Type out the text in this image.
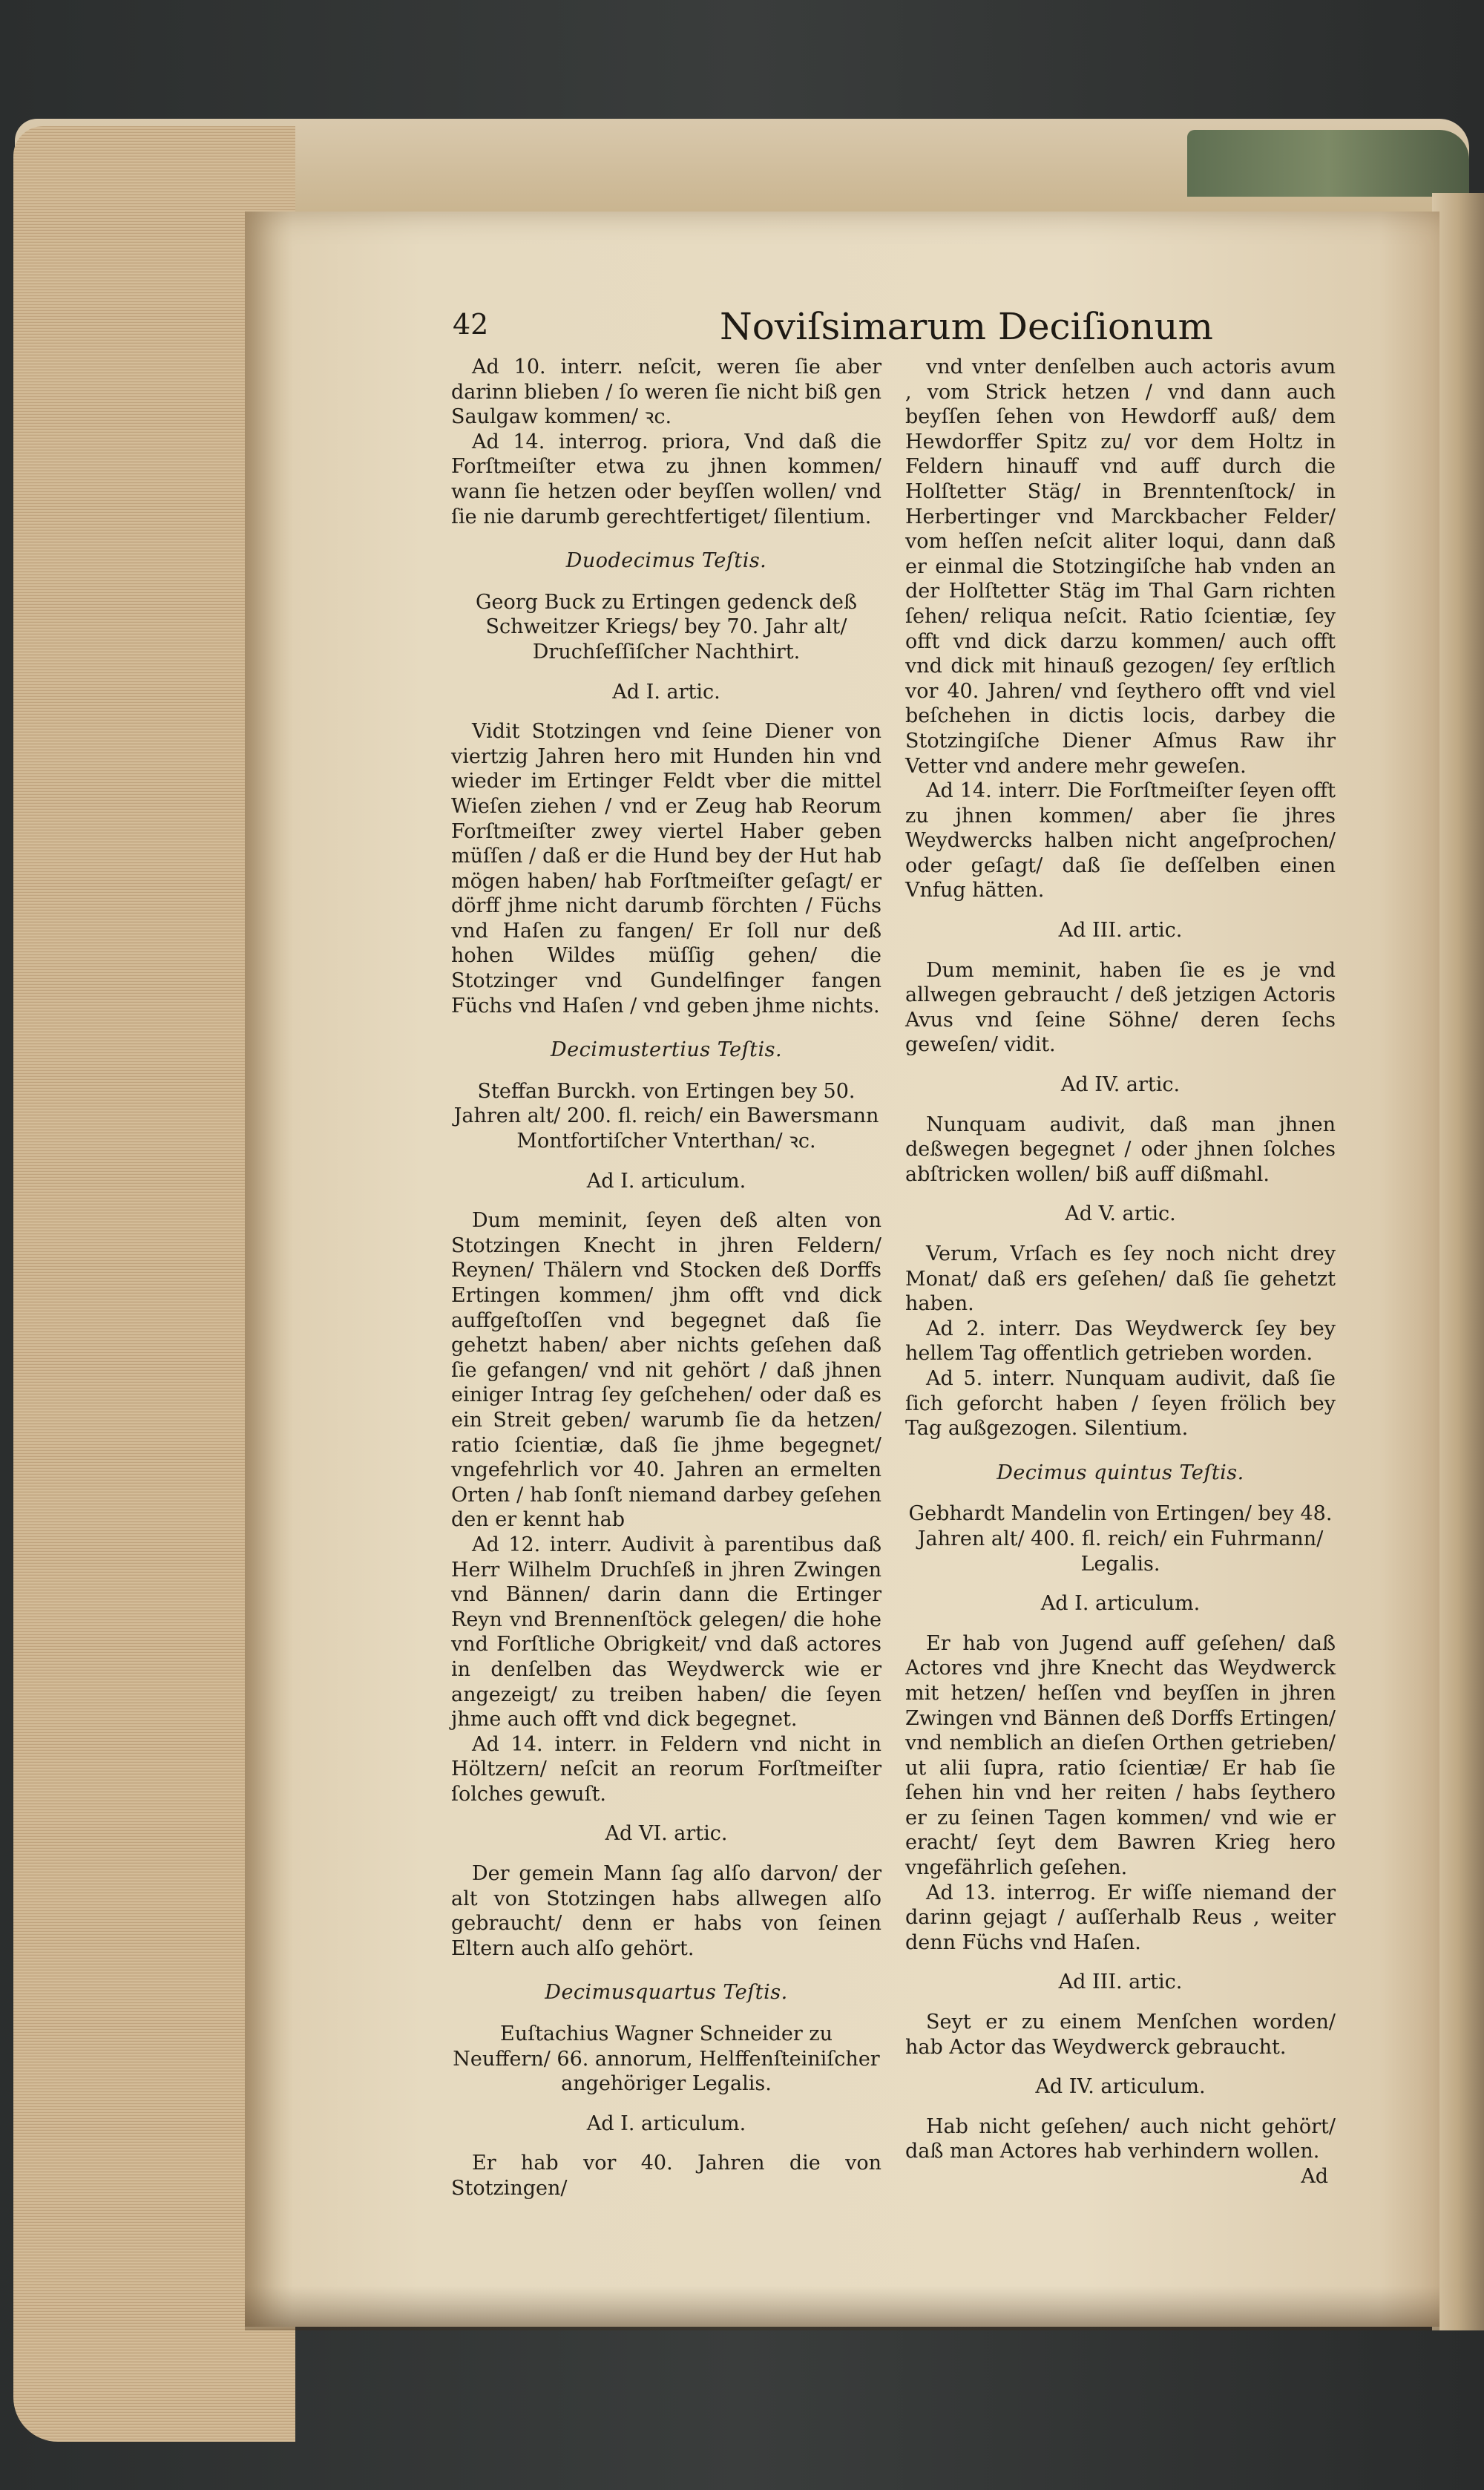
42	Noviſsimarum Deciſionum
Ad 10. interr. neſcit, weren ſie aber darinn blieben / ſo weren ſie nicht biß gen Saulgaw kommen/ ꝛc.
Ad 14. interrog. priora, Vnd daß die Forſtmeiſter etwa zu jhnen kommen/ wann ſie hetzen oder beyſſen wollen/ vnd ſie nie darumb gerechtfertiget/ ſilentium.
Duodecimus Teſtis.
Georg Buck zu Ertingen gedenck deß Schweitzer Kriegs/ bey 70. Jahr alt/ Druchſeſſiſcher Nachthirt.
Ad I. artic.
Vidit Stotzingen vnd ſeine Diener von viertzig Jahren hero mit Hunden hin vnd wieder im Ertinger Feldt vber die mittel Wieſen ziehen / vnd er Zeug hab Reorum Forſtmeiſter zwey viertel Haber geben müſſen / daß er die Hund bey der Hut hab mögen haben/ hab Forſtmeiſter geſagt/ er dörff jhme nicht darumb förchten / Füchs vnd Haſen zu fangen/ Er ſoll nur deß hohen Wildes müſſig gehen/ die Stotzinger vnd Gundelfinger fangen Füchs vnd Haſen / vnd geben jhme nichts.
Decimustertius Teſtis.
Steffan Burckh. von Ertingen bey 50. Jahren alt/ 200. fl. reich/ ein Bawersmann Montfortiſcher Vnterthan/ ꝛc.
Ad I. articulum.
Dum meminit, ſeyen deß alten von Stotzingen Knecht in jhren Feldern/ Reynen/ Thälern vnd Stocken deß Dorffs Ertingen kommen/ jhm offt vnd dick auffgeſtoſſen vnd begegnet daß ſie gehetzt haben/ aber nichts geſehen daß ſie gefangen/ vnd nit gehört / daß jhnen einiger Intrag ſey geſchehen/ oder daß es ein Streit geben/ warumb ſie da hetzen/ ratio ſcientiæ, daß ſie jhme begegnet/ vngefehrlich vor 40. Jahren an ermelten Orten / hab ſonſt niemand darbey geſehen den er kennt hab
Ad 12. interr. Audivit à parentibus daß Herr Wilhelm Druchſeß in jhren Zwingen vnd Bännen/ darin dann die Ertinger Reyn vnd Brennenſtöck gelegen/ die hohe vnd Forſtliche Obrigkeit/ vnd daß actores in denſelben das Weydwerck wie er angezeigt/ zu treiben haben/ die ſeyen jhme auch offt vnd dick begegnet.
Ad 14. interr. in Feldern vnd nicht in Höltzern/ neſcit an reorum Forſtmeiſter ſolches gewuſt.
Ad VI. artic.
Der gemein Mann ſag alſo darvon/ der alt von Stotzingen habs allwegen alſo gebraucht/ denn er habs von ſeinen Eltern auch alſo gehört.
Decimusquartus Teſtis.
Euſtachius Wagner Schneider zu Neuffern/ 66. annorum, Helffenſteiniſcher angehöriger Legalis.
Ad I. articulum.
Er hab vor 40. Jahren die von Stotzingen/
vnd vnter denſelben auch actoris avum , vom Strick hetzen / vnd dann auch beyſſen ſehen von Hewdorff auß/ dem Hewdorffer Spitz zu/ vor dem Holtz in Feldern hinauff vnd auff durch die Holſtetter Stäg/ in Brenntenſtock/ in Herbertinger vnd Marckbacher Felder/ vom heſſen neſcit aliter loqui, dann daß er einmal die Stotzingiſche hab vnden an der Holſtetter Stäg im Thal Garn richten ſehen/ reliqua neſcit. Ratio ſcientiæ, ſey offt vnd dick darzu kommen/ auch offt vnd dick mit hinauß gezogen/ ſey erſtlich vor 40. Jahren/ vnd ſeythero offt vnd viel beſchehen in dictis locis, darbey die Stotzingiſche Diener Aſmus Raw ihr Vetter vnd andere mehr geweſen.
Ad 14. interr. Die Forſtmeiſter ſeyen offt zu jhnen kommen/ aber ſie jhres Weydwercks halben nicht angeſprochen/ oder geſagt/ daß ſie deſſelben einen Vnfug hätten.
Ad III. artic.
Dum meminit, haben ſie es je vnd allwegen gebraucht / deß jetzigen Actoris Avus vnd ſeine Söhne/ deren ſechs geweſen/ vidit.
Ad IV. artic.
Nunquam audivit, daß man jhnen deßwegen begegnet / oder jhnen ſolches abſtricken wollen/ biß auff dißmahl.
Ad V. artic.
Verum, Vrſach es ſey noch nicht drey Monat/ daß ers geſehen/ daß ſie gehetzt haben.
Ad 2. interr. Das Weydwerck ſey bey hellem Tag offentlich getrieben worden.
Ad 5. interr. Nunquam audivit, daß ſie ſich geforcht haben / ſeyen frölich bey Tag außgezogen. Silentium.
Decimus quintus Teſtis.
Gebhardt Mandelin von Ertingen/ bey 48. Jahren alt/ 400. fl. reich/ ein Fuhrmann/ Legalis.
Ad I. articulum.
Er hab von Jugend auff geſehen/ daß Actores vnd jhre Knecht das Weydwerck mit hetzen/ heſſen vnd beyſſen in jhren Zwingen vnd Bännen deß Dorffs Ertingen/ vnd nemblich an dieſen Orthen getrieben/ ut alii ſupra, ratio ſcientiæ/ Er hab ſie ſehen hin vnd her reiten / habs ſeythero er zu ſeinen Tagen kommen/ vnd wie er eracht/ ſeyt dem Bawren Krieg hero vngefährlich geſehen.
Ad 13. interrog. Er wiſſe niemand der darinn gejagt / auſſerhalb Reus , weiter denn Füchs vnd Haſen.
Ad III. artic.
Seyt er zu einem Menſchen worden/ hab Actor das Weydwerck gebraucht.
Ad IV. articulum.
Hab nicht geſehen/ auch nicht gehört/ daß man Actores hab verhindern wollen.
Ad
